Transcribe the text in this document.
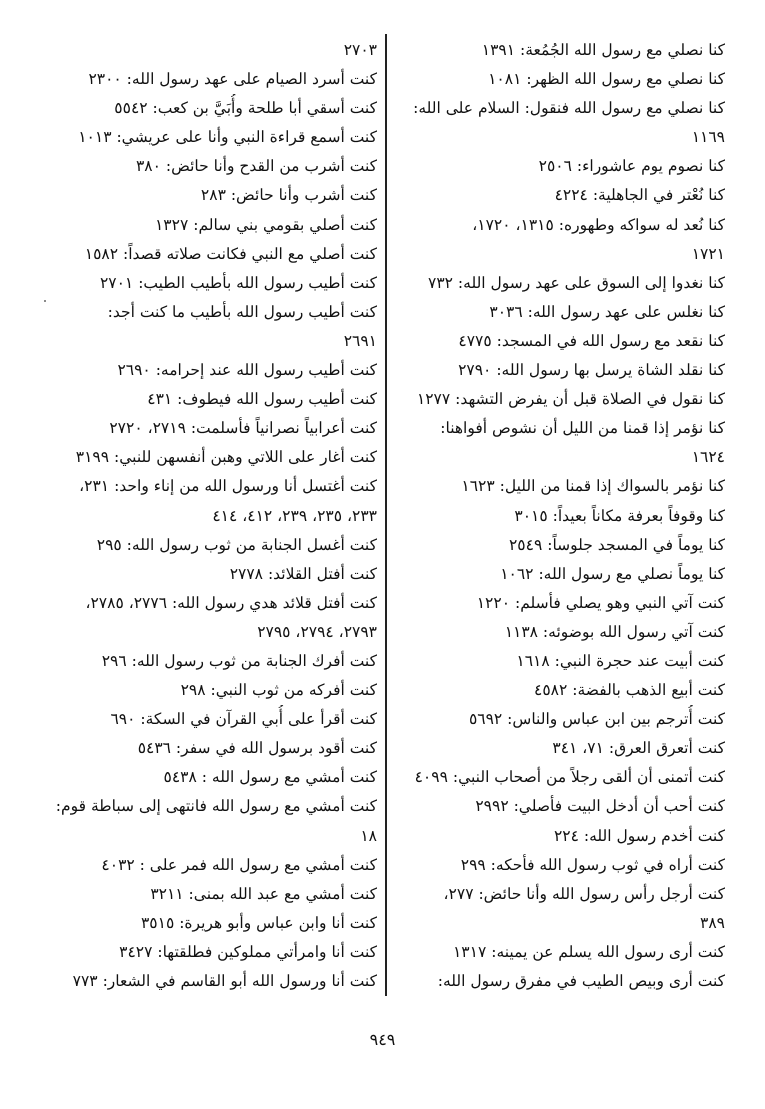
كنا نصلي مع رسول الله الجُمُعة: ١٣٩١
كنا نصلي مع رسول الله الظهر: ١٠٨١
كنا نصلي مع رسول الله فنقول: السلام على الله:
١١٦٩
كنا نصوم يوم عاشوراء: ٢٥٠٦
كنا نُعْتر في الجاهلية: ٤٢٢٤
كنا نُعد له سواكه وطهوره: ١٣١٥، ١٧٢٠،
١٧٢١
كنا نغدوا إلى السوق على عهد رسول الله: ٧٣٢
كنا نغلس على عهد رسول الله: ٣٠٣٦
كنا نقعد مع رسول الله في المسجد: ٤٧٧٥
كنا نقلد الشاة يرسل بها رسول الله: ٢٧٩٠
كنا نقول في الصلاة قبل أن يفرض التشهد: ١٢٧٧
كنا نؤمر إذا قمنا من الليل أن نشوص أفواهنا:
١٦٢٤
كنا نؤمر بالسواك إذا قمنا من الليل: ١٦٢٣
كنا وقوفاً بعرفة مكاناً بعيداً: ٣٠١٥
كنا يوماً في المسجد جلوساً: ٢٥٤٩
كنا يوماً نصلي مع رسول الله: ١٠٦٢
كنت آتي النبي وهو يصلي فأسلم: ١٢٢٠
كنت آتي رسول الله بوضوئه: ١١٣٨
كنت أبيت عند حجرة النبي: ١٦١٨
كنت أبيع الذهب بالفضة: ٤٥٨٢
كنت أُترجم بين ابن عباس والناس: ٥٦٩٢
كنت أتعرق العرق: ٧١، ٣٤١
كنت أتمنى أن ألقى رجلاً من أصحاب النبي: ٤٠٩٩
كنت أحب أن أدخل البيت فأصلي: ٢٩٩٢
كنت أخدم رسول الله: ٢٢٤
كنت أراه في ثوب رسول الله فأحكه: ٢٩٩
كنت أرجل رأس رسول الله وأنا حائض: ٢٧٧،
٣٨٩
كنت أرى رسول الله يسلم عن يمينه: ١٣١٧
كنت أرى وبيص الطيب في مفرق رسول الله:
٢٧٠٣
كنت أسرد الصيام على عهد رسول الله: ٢٣٠٠
كنت أسقي أبا طلحة وأُبَيَّ بن كعب: ٥٥٤٢
كنت أسمع قراءة النبي وأنا على عريشي: ١٠١٣
كنت أشرب من القدح وأنا حائض: ٣٨٠
كنت أشرب وأنا حائض: ٢٨٣
كنت أصلي بقومي بني سالم: ١٣٢٧
كنت أصلي مع النبي فكانت صلاته قصداً: ١٥٨٢
كنت أطيب رسول الله بأطيب الطيب: ٢٧٠١
كنت أطيب رسول الله بأطيب ما كنت أجد:
٢٦٩١
كنت أطيب رسول الله عند إحرامه: ٢٦٩٠
كنت أطيب رسول الله فيطوف: ٤٣١
كنت أعرابياً نصرانياً فأسلمت: ٢٧١٩، ٢٧٢٠
كنت أغار على اللاتي وهبن أنفسهن للنبي: ٣١٩٩
كنت أغتسل أنا ورسول الله من إناء واحد: ٢٣١،
٢٣٣، ٢٣٥، ٢٣٩، ٤١٢، ٤١٤
كنت أغسل الجنابة من ثوب رسول الله: ٢٩٥
كنت أفتل القلائد: ٢٧٧٨
كنت أفتل قلائد هدي رسول الله: ٢٧٧٦، ٢٧٨٥،
٢٧٩٣، ٢٧٩٤، ٢٧٩٥
كنت أفرك الجنابة من ثوب رسول الله: ٢٩٦
كنت أفركه من ثوب النبي: ٢٩٨
كنت أقرأ على أُبي القرآن في السكة: ٦٩٠
كنت أقود برسول الله في سفر: ٥٤٣٦
كنت أمشي مع رسول الله : ٥٤٣٨
كنت أمشي مع رسول الله فانتهى إلى سباطة قوم:
١٨
كنت أمشي مع رسول الله فمر على : ٤٠٣٢
كنت أمشي مع عبد الله بمنى: ٣٢١١
كنت أنا وابن عباس وأبو هريرة: ٣٥١٥
كنت أنا وامرأتي مملوكين فطلقتها: ٣٤٢٧
كنت أنا ورسول الله أبو القاسم في الشعار: ٧٧٣
٩٤٩
